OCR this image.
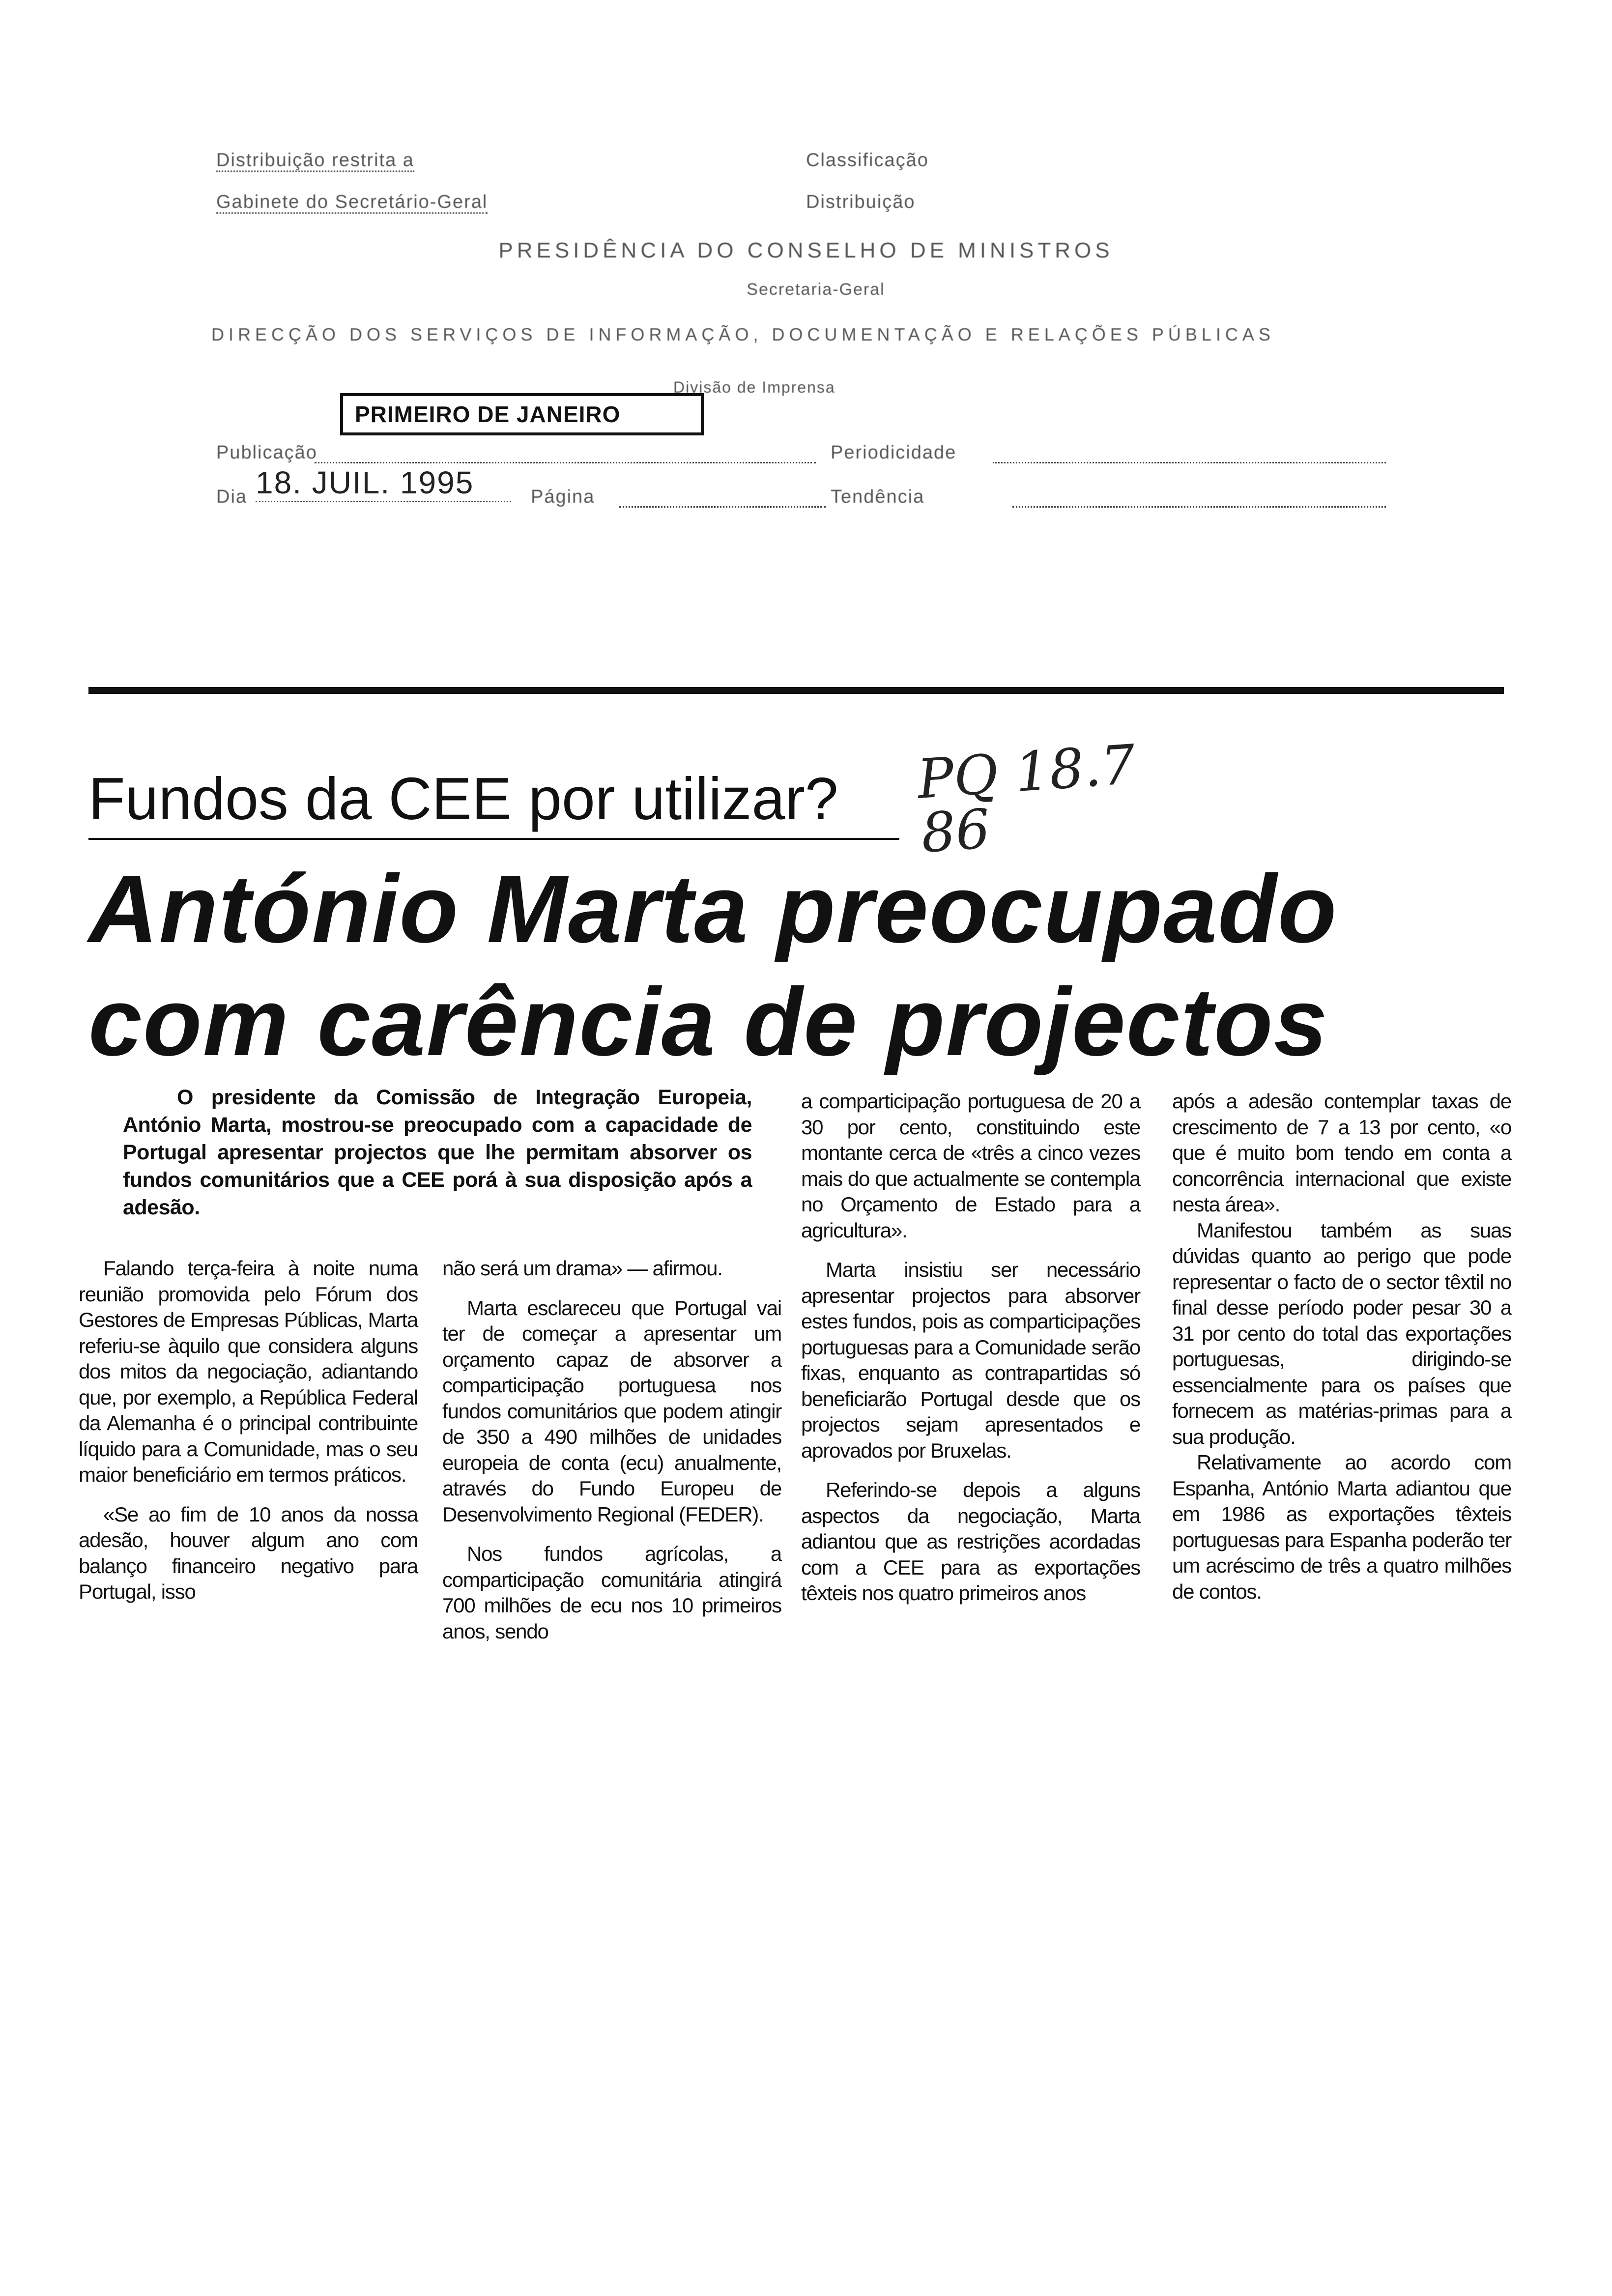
Distribuição restrita a	Classificação
Gabinete do Secretário-Geral	Distribuição
PRESIDÊNCIA DO CONSELHO DE MINISTROS
Secretaria-Geral
DIRECÇÃO DOS SERVIÇOS DE INFORMAÇÃO, DOCUMENTAÇÃO E RELAÇÕES PÚBLICAS
Divisão de Imprensa
PRIMEIRO DE JANEIRO
Publicação	Periodicidade
Dia 18. JUIL. 1995	Página	Tendência
Fundos da CEE por utilizar? PQ 18.7 86
António Marta preocupado
com carência de projectos
O presidente da Comissão de Integração Europeia, António Marta, mostrou-se preocupado com a capacidade de Portugal apresentar projectos que lhe permitam absorver os fundos comunitários que a CEE porá à sua disposição após a adesão.

Falando terça-feira à noite numa reunião promovida pelo Fórum dos Gestores de Empresas Públicas, Marta referiu-se àquilo que considera alguns dos mitos da negociação, adiantando que, por exemplo, a República Federal da Alemanha é o principal contribuinte líquido para a Comunidade, mas o seu maior beneficiário em termos práticos.

«Se ao fim de 10 anos da nossa adesão, houver algum ano com balanço financeiro negativo para Portugal, isso

não será um drama» — afirmou.

Marta esclareceu que Portugal vai ter de começar a apresentar um orçamento capaz de absorver a comparticipação portuguesa nos fundos comunitários que podem atingir de 350 a 490 milhões de unidades europeia de conta (ecu) anualmente, através do Fundo Europeu de Desenvolvimento Regional (FEDER).

Nos fundos agrícolas, a comparticipação comunitária atingirá 700 milhões de ecu nos 10 primeiros anos, sendo

a comparticipação portuguesa de 20 a 30 por cento, constituindo este montante cerca de «três a cinco vezes mais do que actualmente se contempla no Orçamento de Estado para a agricultura».

Marta insistiu ser necessário apresentar projectos para absorver estes fundos, pois as comparticipações portuguesas para a Comunidade serão fixas, enquanto as contrapartidas só beneficiarão Portugal desde que os projectos sejam apresentados e aprovados por Bruxelas.

Referindo-se depois a alguns aspectos da negociação, Marta adiantou que as restrições acordadas com a CEE para as exportações têxteis nos quatro primeiros anos

após a adesão contemplar taxas de crescimento de 7 a 13 por cento, «o que é muito bom tendo em conta a concorrência internacional que existe nesta área».

Manifestou também as suas dúvidas quanto ao perigo que pode representar o facto de o sector têxtil no final desse período poder pesar 30 a 31 por cento do total das exportações portuguesas, dirigindo-se essencialmente para os países que fornecem as matérias-primas para a sua produção.

Relativamente ao acordo com Espanha, António Marta adiantou que em 1986 as exportações têxteis portuguesas para Espanha poderão ter um acréscimo de três a quatro milhões de contos.
